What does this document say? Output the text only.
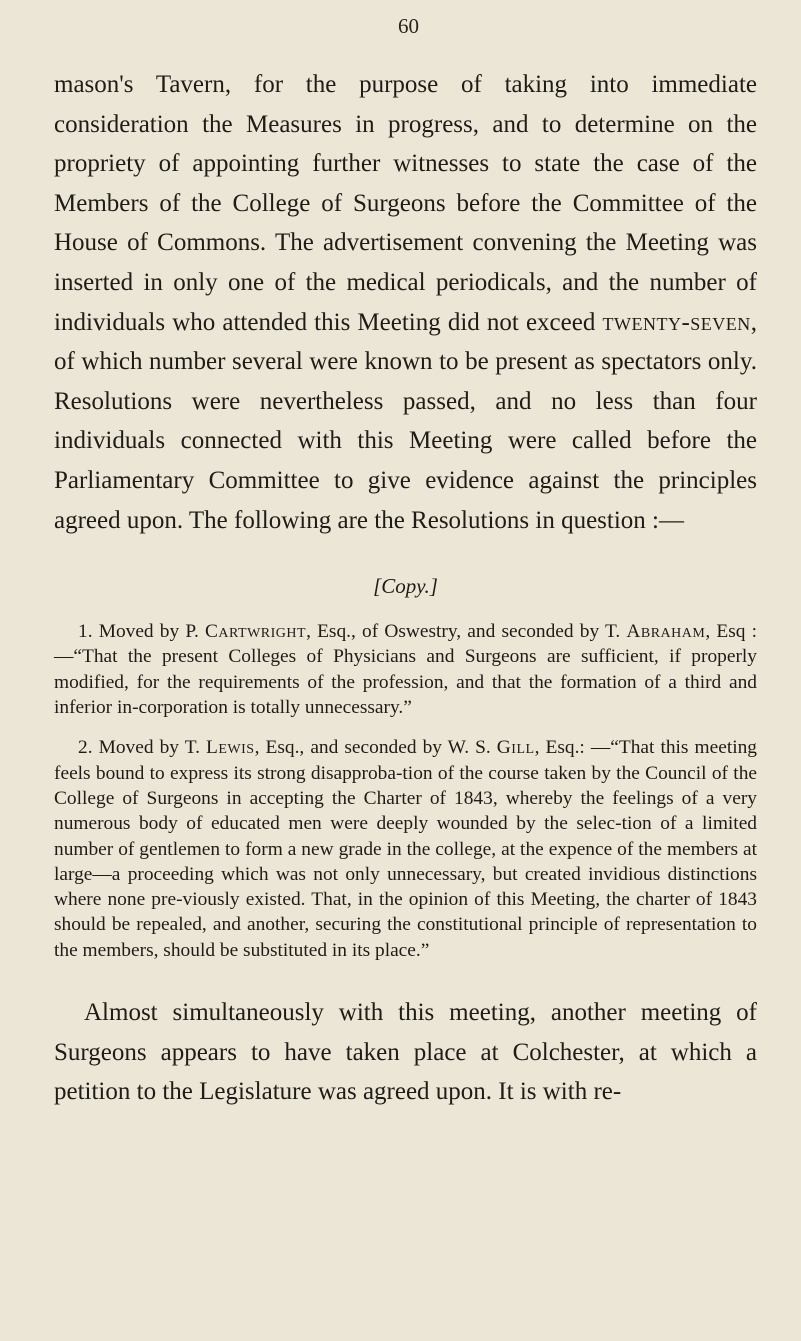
60

mason's Tavern, for the purpose of taking into immediate consideration the Measures in progress, and to determine on the propriety of appointing further witnesses to state the case of the Members of the College of Surgeons before the Committee of the House of Commons. The advertisement convening the Meeting was inserted in only one of the medical periodicals, and the number of individuals who attended this Meeting did not exceed twenty-seven, of which number several were known to be present as spectators only. Resolutions were nevertheless passed, and no less than four individuals connected with this Meeting were called before the Parliamentary Committee to give evidence against the principles agreed upon. The following are the Resolutions in question :—

[Copy.]

1. Moved by P. Cartwright, Esq., of Oswestry, and seconded by T. Abraham, Esq :—“That the present Colleges of Physicians and Surgeons are sufficient, if properly modified, for the requirements of the profession, and that the formation of a third and inferior in-corporation is totally unnecessary.”

2. Moved by T. Lewis, Esq., and seconded by W. S. Gill, Esq.: —“That this meeting feels bound to express its strong disapproba-tion of the course taken by the Council of the College of Surgeons in accepting the Charter of 1843, whereby the feelings of a very numerous body of educated men were deeply wounded by the selec-tion of a limited number of gentlemen to form a new grade in the college, at the expence of the members at large—a proceeding which was not only unnecessary, but created invidious distinctions where none pre-viously existed. That, in the opinion of this Meeting, the charter of 1843 should be repealed, and another, securing the constitutional principle of representation to the members, should be substituted in its place.”

Almost simultaneously with this meeting, another meeting of Surgeons appears to have taken place at Colchester, at which a petition to the Legislature was agreed upon. It is with re-
